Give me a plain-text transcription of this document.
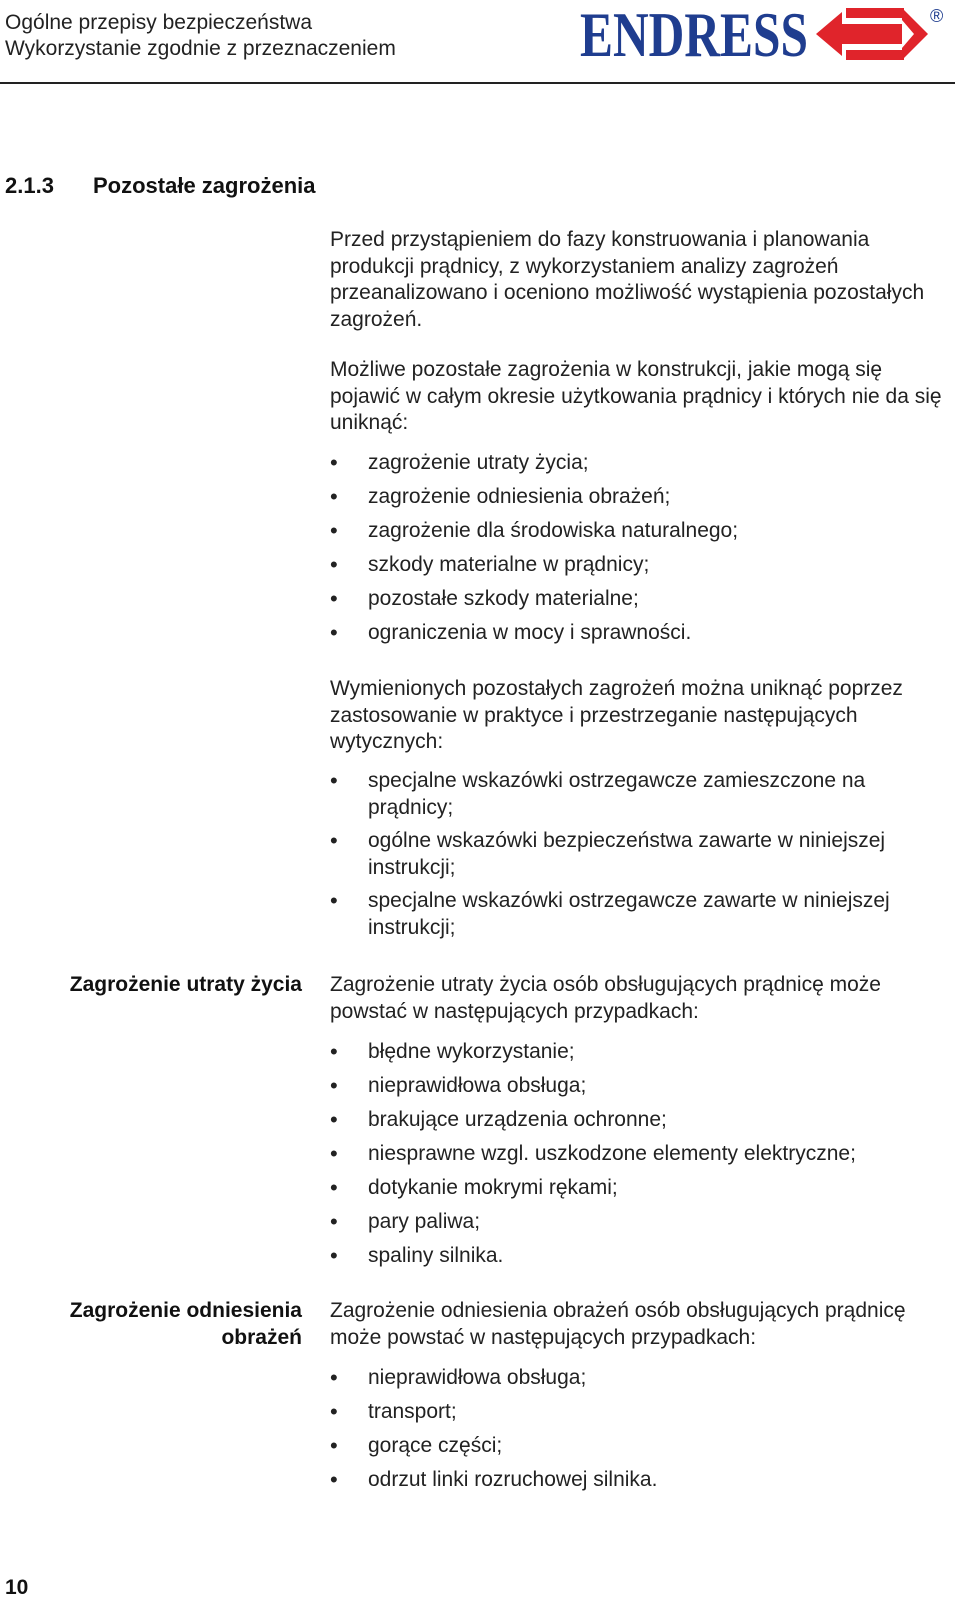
Ogólne przepisy bezpieczeństwa
Wykorzystanie zgodnie z przeznaczeniem	ENDRESS	®
2.1.3 Pozostałe zagrożenia
Przed przystąpieniem do fazy konstruowania i planowania produkcji prądnicy, z wykorzystaniem analizy zagrożeń przeanalizowano i oceniono możliwość wystąpienia pozostałych zagrożeń.
Możliwe pozostałe zagrożenia w konstrukcji, jakie mogą się pojawić w całym okresie użytkowania prądnicy i których nie da się uniknąć:
• zagrożenie utraty życia;
• zagrożenie odniesienia obrażeń;
• zagrożenie dla środowiska naturalnego;
• szkody materialne w prądnicy;
• pozostałe szkody materialne;
• ograniczenia w mocy i sprawności.
Wymienionych pozostałych zagrożeń można uniknąć poprzez zastosowanie w praktyce i przestrzeganie następujących wytycznych:
• specjalne wskazówki ostrzegawcze zamieszczone na prądnicy;
• ogólne wskazówki bezpieczeństwa zawarte w niniejszej instrukcji;
• specjalne wskazówki ostrzegawcze zawarte w niniejszej instrukcji;
Zagrożenie utraty życia Zagrożenie utraty życia osób obsługujących prądnicę może powstać w następujących przypadkach:
• błędne wykorzystanie;
• nieprawidłowa obsługa;
• brakujące urządzenia ochronne;
• niesprawne wzgl. uszkodzone elementy elektryczne;
• dotykanie mokrymi rękami;
• pary paliwa;
• spaliny silnika.
Zagrożenie odniesienia
obrażeń
Zagrożenie odniesienia obrażeń osób obsługujących prądnicę może powstać w następujących przypadkach:
• nieprawidłowa obsługa;
• transport;
• gorące części;
• odrzut linki rozruchowej silnika.
10
